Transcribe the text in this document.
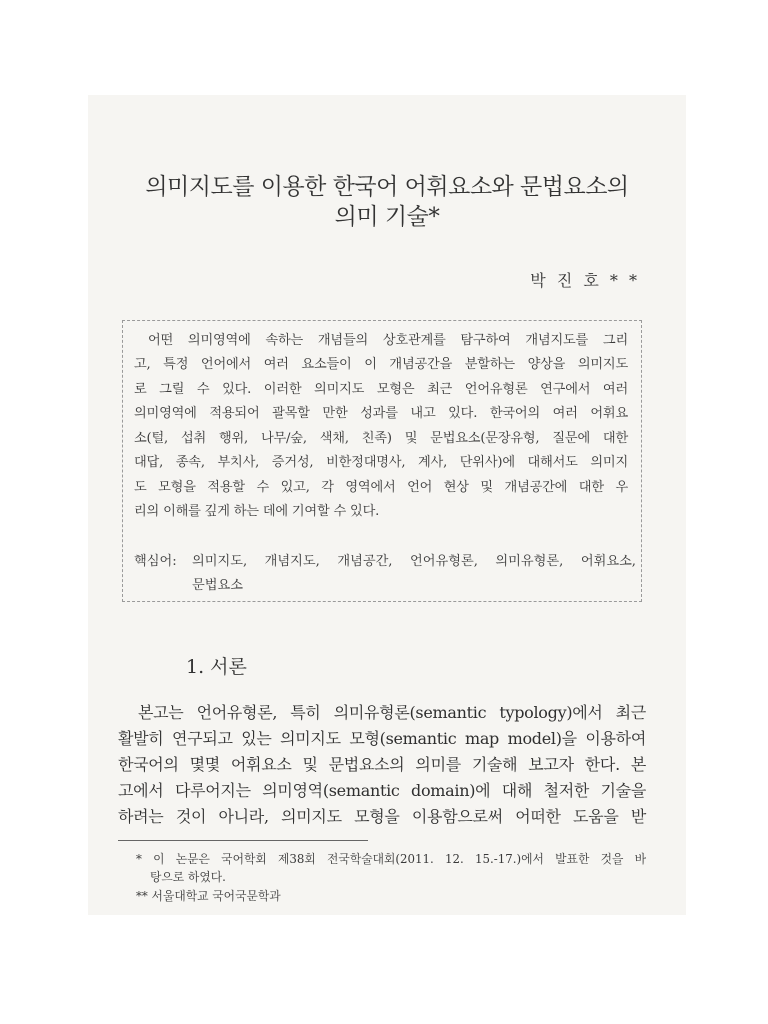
의미지도를 이용한 한국어 어휘요소와 문법요소의
의미 기술*
박 진 호 * *
어떤 의미영역에 속하는 개념들의 상호관계를 탐구하여 개념지도를 그리
고, 특정 언어에서 여러 요소들이 이 개념공간을 분할하는 양상을 의미지도
로 그릴 수 있다. 이러한 의미지도 모형은 최근 언어유형론 연구에서 여러
의미영역에 적용되어 괄목할 만한 성과를 내고 있다. 한국어의 여러 어휘요
소(털, 섭취 행위, 나무/숲, 색채, 친족) 및 문법요소(문장유형, 질문에 대한
대답, 종속, 부치사, 증거성, 비한정대명사, 계사, 단위사)에 대해서도 의미지
도 모형을 적용할 수 있고, 각 영역에서 언어 현상 및 개념공간에 대한 우
리의 이해를 깊게 하는 데에 기여할 수 있다.
핵심어: 의미지도, 개념지도, 개념공간, 언어유형론, 의미유형론, 어휘요소,
문법요소
1. 서론
본고는 언어유형론, 특히 의미유형론(semantic typology)에서 최근
활발히 연구되고 있는 의미지도 모형(semantic map model)을 이용하여
한국어의 몇몇 어휘요소 및 문법요소의 의미를 기술해 보고자 한다. 본
고에서 다루어지는 의미영역(semantic domain)에 대해 철저한 기술을
하려는 것이 아니라, 의미지도 모형을 이용함으로써 어떠한 도움을 받
* 이 논문은 국어학회 제38회 전국학술대회(2011. 12. 15.-17.)에서 발표한 것을 바
탕으로 하였다.
** 서울대학교 국어국문학과
